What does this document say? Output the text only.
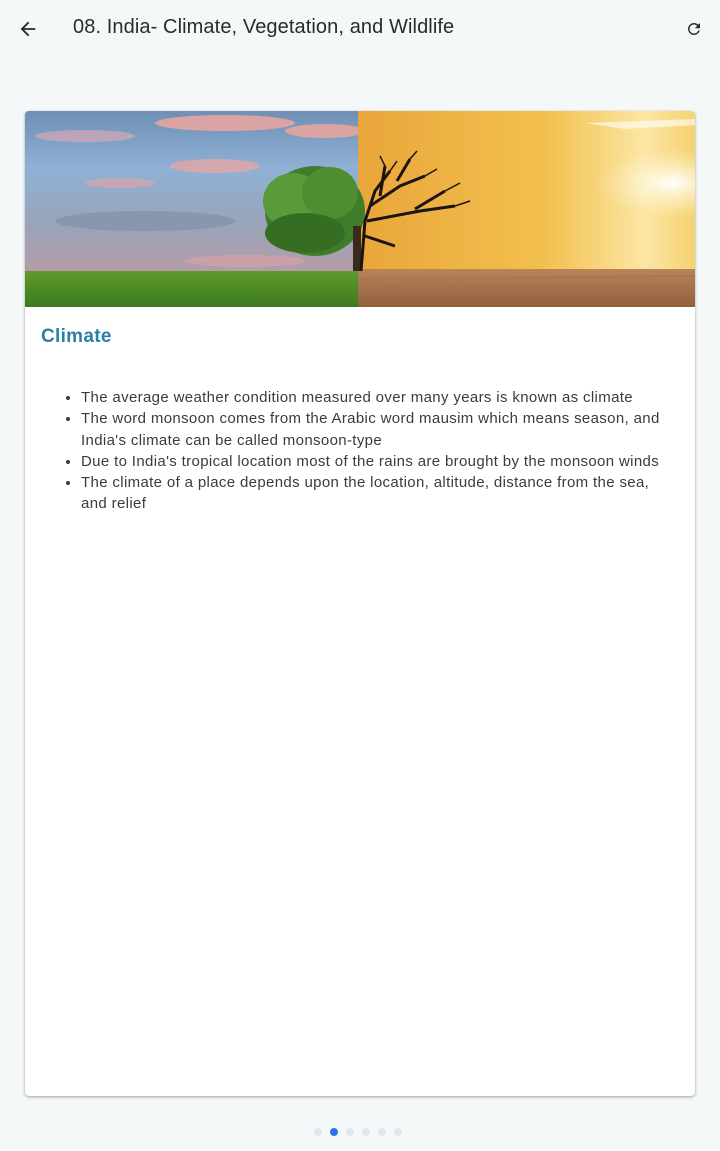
08. India- Climate, Vegetation, and Wildlife
Climate
• The average weather condition measured over many years is known as climate
• The word monsoon comes from the Arabic word mausim which means season, and India's climate can be called monsoon-type
• Due to India's tropical location most of the rains are brought by the monsoon winds
• The climate of a place depends upon the location, altitude, distance from the sea, and relief
